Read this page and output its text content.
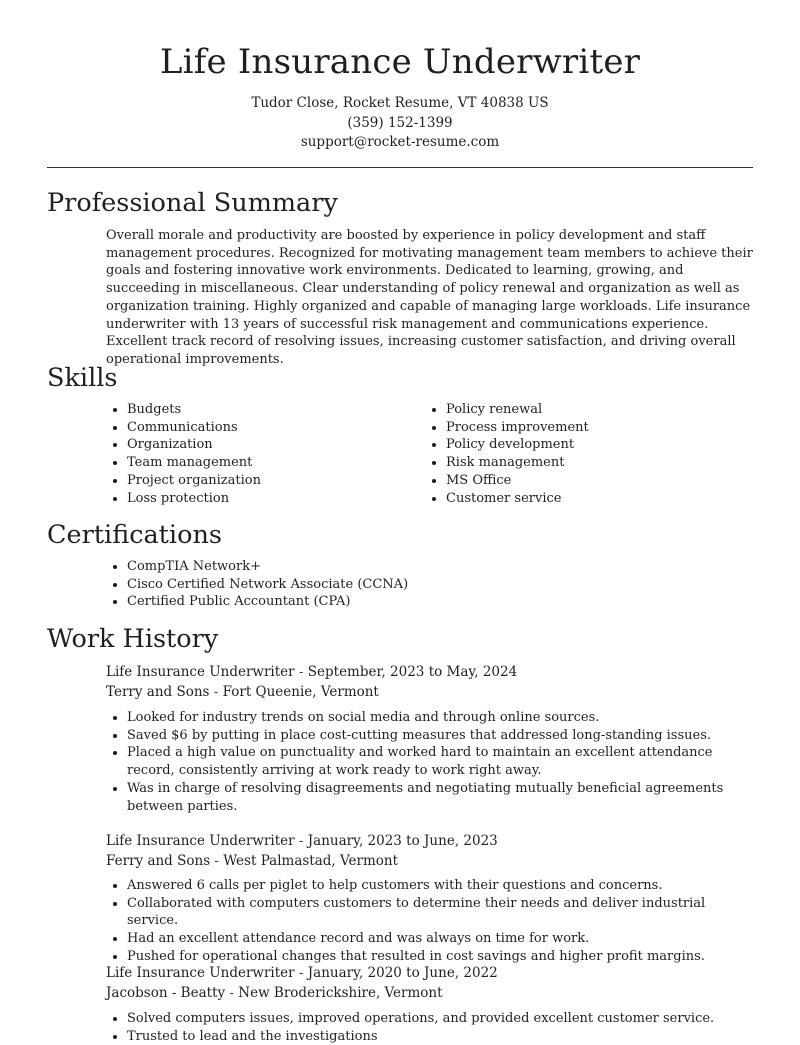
Life Insurance Underwriter
Tudor Close, Rocket Resume, VT 40838 US
(359) 152-1399
support@rocket-resume.com
Professional Summary

Overall morale and productivity are boosted by experience in policy development and staff management procedures. Recognized for motivating management team members to achieve their goals and fostering innovative work environments. Dedicated to learning, growing, and succeeding in miscellaneous. Clear understanding of policy renewal and organization as well as organization training. Highly organized and capable of managing large workloads. Life insurance underwriter with 13 years of successful risk management and communications experience. Excellent track record of resolving issues, increasing customer satisfaction, and driving overall operational improvements.

Skills
• Budgets
• Communications
• Organization
• Team management
• Project organization
• Loss protection
• Policy renewal
• Process improvement
• Policy development
• Risk management
• MS Office
• Customer service
Certifications
• CompTIA Network+
• Cisco Certified Network Associate (CCNA)
• Certified Public Accountant (CPA)
Work History
Life Insurance Underwriter - September, 2023 to May, 2024
Terry and Sons - Fort Queenie, Vermont
• Looked for industry trends on social media and through online sources.
• Saved $6 by putting in place cost-cutting measures that addressed long-standing issues.
• Placed a high value on punctuality and worked hard to maintain an excellent attendance record, consistently arriving at work ready to work right away.
• Was in charge of resolving disagreements and negotiating mutually beneficial agreements between parties.
Life Insurance Underwriter - January, 2023 to June, 2023
Ferry and Sons - West Palmastad, Vermont
• Answered 6 calls per piglet to help customers with their questions and concerns.
• Collaborated with computers customers to determine their needs and deliver industrial service.
• Had an excellent attendance record and was always on time for work.
• Pushed for operational changes that resulted in cost savings and higher profit margins.
Life Insurance Underwriter - January, 2020 to June, 2022
Jacobson - Beatty - New Broderickshire, Vermont
• Solved computers issues, improved operations, and provided excellent customer service.
• Trusted to lead and the investigations
